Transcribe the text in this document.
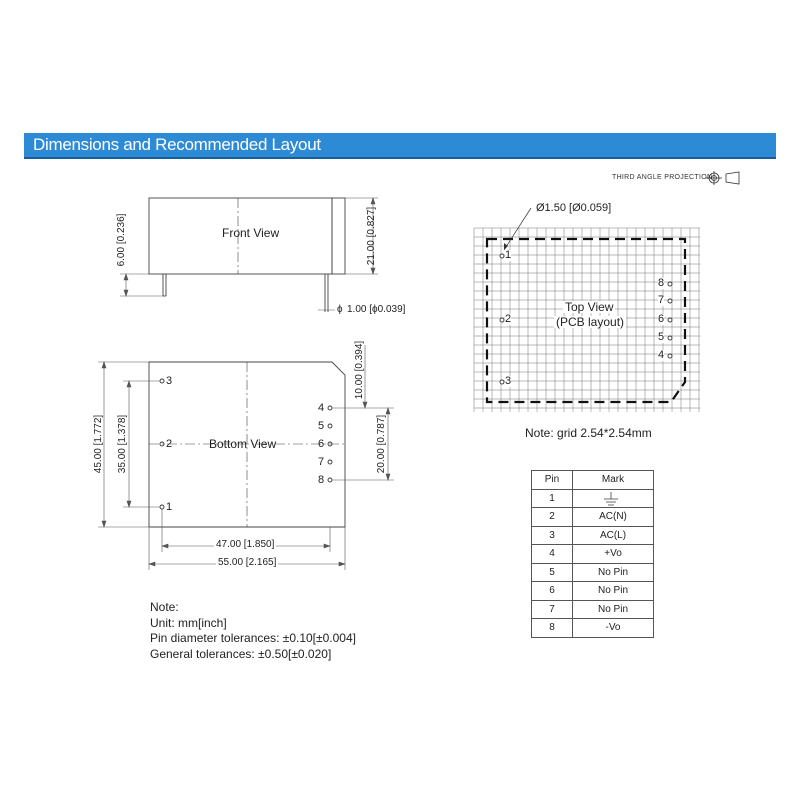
Dimensions and Recommended Layout
THIRD ANGLE PROJECTION
Front View	21.00 [0.827]
6.00 [0.236]
ϕ 1.00 [ϕ0.039]
Bottom View
45.00 [1.772] 35.00 [1.378]
47.00 [1.850]
55.00 [2.165]
10.00 [0.394]
20.00 [0.787]
3
2
1
4
5
6
7
8
Ø1.50 [Ø0.059]
Top View
(PCB layout)
1
2
3
4
5
6
7
8
Note: grid 2.54*2.54mm
Note:
Unit: mm[inch]
Pin diameter tolerances: ±0.10[±0.004]
General tolerances: ±0.50[±0.020]
Pin	Mark
1	
2	AC(N)
3	AC(L)
4	+Vo
5	No Pin
6	No Pin
7	No Pin
8	-Vo
